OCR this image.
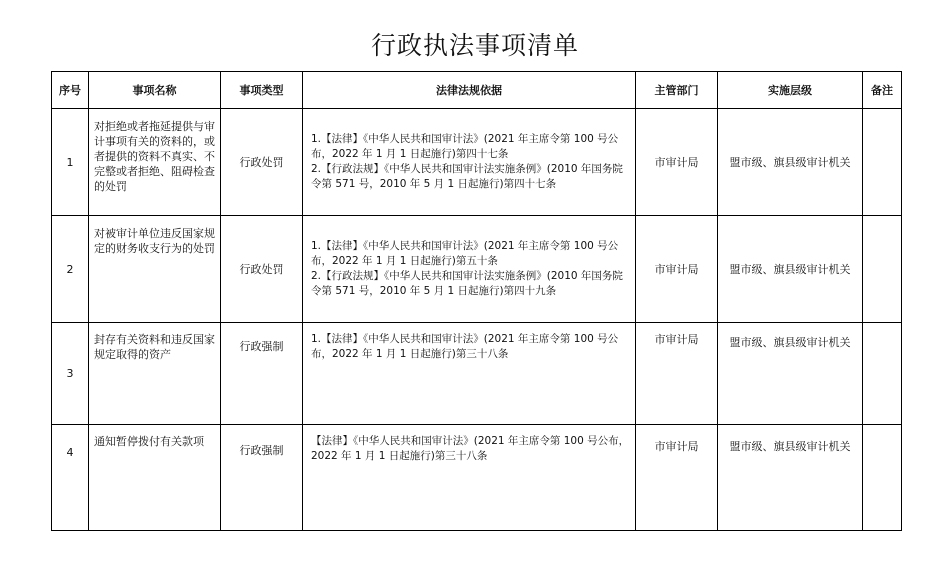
行政执法事项清单
序号	事项名称	事项类型	法律法规依据	主管部门	实施层级	备注
1	对拒绝或者拖延提供与审计事项有关的资料的，或者提供的资料不真实、不完整或者拒绝、阻碍检查的处罚	行政处罚	1.【法律】《中华人民共和国审计法》(2021 年主席令第 100 号公布，2022 年 1 月 1 日起施行)第四十七条
2.【行政法规】《中华人民共和国审计法实施条例》(2010 年国务院令第 571 号，2010 年 5 月 1 日起施行)第四十七条	市审计局	盟市级、旗县级审计机关	
2	对被审计单位违反国家规定的财务收支行为的处罚	行政处罚	1.【法律】《中华人民共和国审计法》(2021 年主席令第 100 号公布，2022 年 1 月 1 日起施行)第五十条
2.【行政法规】《中华人民共和国审计法实施条例》(2010 年国务院令第 571 号，2010 年 5 月 1 日起施行)第四十九条	市审计局	盟市级、旗县级审计机关	
3	封存有关资料和违反国家规定取得的资产	行政强制	1.【法律】《中华人民共和国审计法》(2021 年主席令第 100 号公布，2022 年 1 月 1 日起施行)第三十八条	市审计局	盟市级、旗县级审计机关	
4	通知暂停拨付有关款项	行政强制	【法律】《中华人民共和国审计法》(2021 年主席令第 100 号公布，2022 年 1 月 1 日起施行)第三十八条	市审计局	盟市级、旗县级审计机关	
